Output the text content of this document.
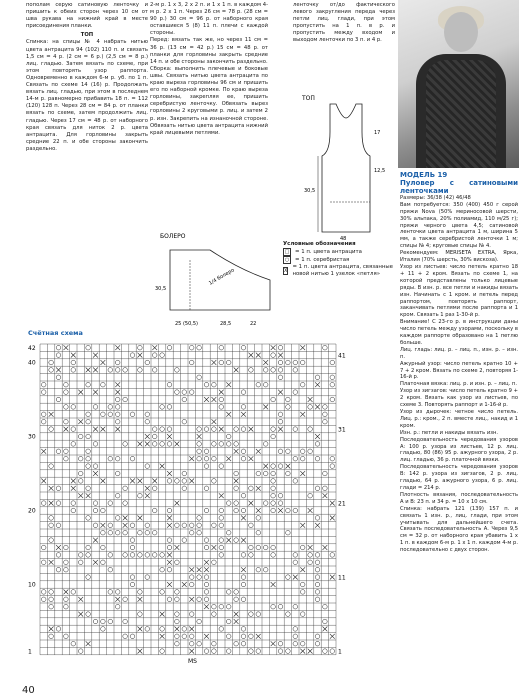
пополам серую сатиновую ленточку и пришить к обеих сторон через 10 см от шва рукава на нижний край в месте присоединения планки.

ТОП

Спинка: на спицы № 4 набрать нитью цвета антрацита 94 (102) 110 п. и связать 1,5 см = 4 р. (2 см = 6 р.) (2,5 см = 8 р.) лиц. гладью. Затем вязать по схеме, при этом повторять узор раппорта. Одновременно в каждом 6-м р. уб. по 1 п. Связать по схеме 14 (16) р. Продолжать вязать лиц. гладью, при этом в последнем 14-м р. равномерно прибавить 18 п. = 112 (120) 128 п. Через 28 см = 84 р. от планки вязать по схеме, затем продолжить лиц. гладью. Через 17 см = 48 р. от наборного края связать для ниток 2 р. цвета антрацита. Для горловины закрыть средние 22 п. и обе стороны закончить раздельно.

2-м р. 1 х 3, 2 х 2 п. и 1 х 1 п. в каждом 4-м р. 2 х 1 п. Через 26 см = 78 р. (28 см = 90 р.) 30 см = 96 р. от наборного края оставшиеся 5 (8) 11 п. плечи с каждой стороны.

Перед: вязать так же, но через 11 см = 36 р. (13 см = 42 р.) 15 см = 48 р. от планки для горловины закрыть средние 14 п. и обе стороны закончить раздельно.

Сборка: выполнить плечевые и боковые швы. Связать нитью цвета антрацита по краю выреза горловины 96 см и пришить его по наборной кромке. По краю выреза горловины, закрепляя ее, пришить серебристую ленточку. Обвязать вырез горловины 2 круговыми р. лиц. и затем 2 р. изн. Закрепить на изнаночной стороне. Обвязать нитью цвета антрацита нижний край лицевыми петлями.

ленточку от/до фактического левого закругления переда через петли лиц. глади, при этом пропустить на 1 п. в р. и пропустить между входом и выходом ленточки по 3 п. и 4 р.

ТОП
30,5
48
17
12,5
БОЛЕРО
1/4 болеро
30,5
25 (50,5)	28,5	22
Условные обозначения
□	= 1 п. цвета антрацита
○	= 1 п. серебристая
X
= 1 п. цвета антрацита, связанные новой нитью 1 узелок «петля»
МОДЕЛЬ 19
Пуловер с сатиновыми ленточками

Размеры: 36/38 (42) 46/48

Вам потребуется: 350 (400) 450 г серой пряжи Nova (50% мериносовой шерсти, 30% альпака, 20% полиамид, 110 м/25 г); пряжи черного цвета 4,5; сатиновой ленточки цвета антрацита 1 м, ширина 5 мм, а также серебристой ленточки 1 м; спицы № 4; круговые спицы № 4.

Рекомендуем: MERISETA EXTRA, Ярка, Италия (70% шерсть, 30% вискоза).

Узор из листьев: число петель кратно 18 + 11 + 2 кром. Вязать по схеме 1, на которой представлены только лицевые ряды. В изн. р. все петли и накиды вязать изн. Начинать с 1 кром. и петель перед раппортом, повторять раппорт, заканчивать петлями после раппорта и 1 кром. Связать 1 раз 1-30-й р.

Внимание! С 23-го р. в инструкции даны число петель между узорами, поскольку в каждом раппорте образовано на 1 петлю больше.

Лиц. гладь: лиц. р. – лиц. п., изн. р. – изн. п.

Ажурный узор: число петель кратно 10 + 7 + 2 кром. Вязать по схеме 2, повторяя 1-16-й р.

Платочная вязка: лиц. р. и изн. р. – лиц. п.

Узор из зигзагов: число петель кратно 9 + 2 кром. Вязать как узор из листьев, по схеме 3. Повторять раппорт и 1-16-й р.

Узор из дырочек: четное число петель. Лиц. р.: кром., 2 п. вместе лиц., накид и 1 кром.

Изн. р.: петли и накиды вязать изн.

Последовательность чередования узоров А: 100 р. узора из листьев, 12 р. лиц. гладью, 80 (86) 95 р. ажурного узора, 2 р. лиц. гладью, 36 р. платочной вязки.

Последовательность чередования узоров В: 142 р. узора из зигзагов, 2 р. лиц. гладью, 64 р. ажурного узора, 6 р. лиц. глади = 214 р.

Плотность вязания, последовательность А и В: 23 п. и 34 р. = 10 х 10 см.

Спинка: набрать 121 (139) 157 п. и связать 1 изн. р., лиц. глади, при этом учитывать для дальнейшего счета. Связать последовательность А. Через 9,5 см = 32 р. от наборного края убавить 1 х 1 п. в каждом 6-м р. 1 х 1 п. каждом 4-м р. последовательно с двух сторон.

Счётная схема
42
40
30
20
10
1
41
31
21
11
1
MS
40
